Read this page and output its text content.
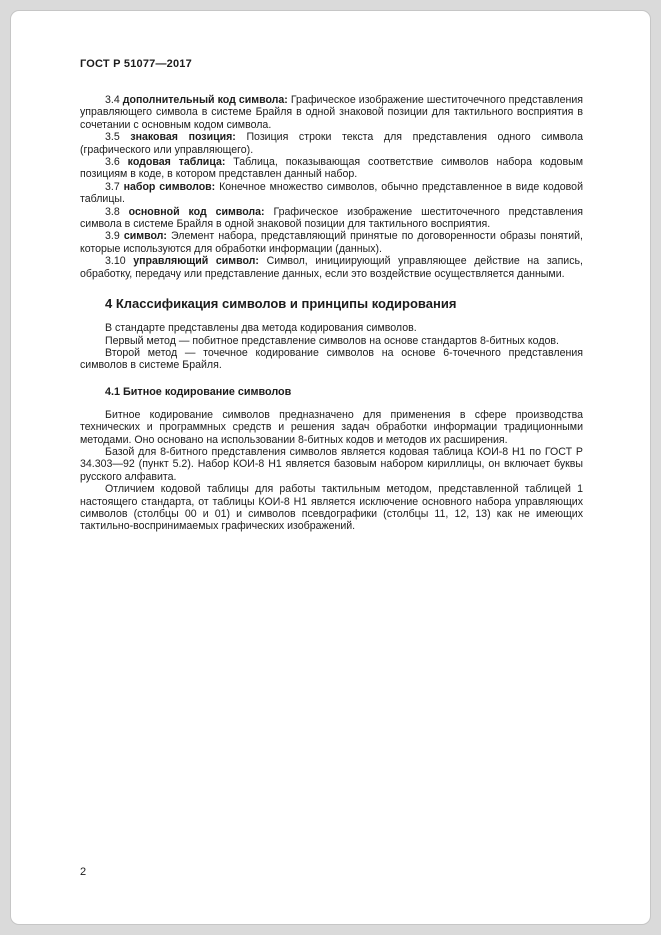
ГОСТ Р 51077—2017

3.4 дополнительный код символа: Графическое изображение шеститочечного представления управляющего символа в системе Брайля в одной знаковой позиции для тактильного восприятия в сочетании с основным кодом символа.

3.5 знаковая позиция: Позиция строки текста для представления одного символа (графического или управляющего).

3.6 кодовая таблица: Таблица, показывающая соответствие символов набора кодовым позициям в коде, в котором представлен данный набор.

3.7 набор символов: Конечное множество символов, обычно представленное в виде кодовой таблицы.

3.8 основной код символа: Графическое изображение шеститочечного представления символа в системе Брайля в одной знаковой позиции для тактильного восприятия.

3.9 символ: Элемент набора, представляющий принятые по договоренности образы понятий, которые используются для обработки информации (данных).

3.10 управляющий символ: Символ, инициирующий управляющее действие на запись, обработку, передачу или представление данных, если это воздействие осуществляется данными.

4 Классификация символов и принципы кодирования

В стандарте представлены два метода кодирования символов.

Первый метод — побитное представление символов на основе стандартов 8-битных кодов.

Второй метод — точечное кодирование символов на основе 6-точечного представления символов в системе Брайля.

4.1 Битное кодирование символов

Битное кодирование символов предназначено для применения в сфере производства технических и программных средств и решения задач обработки информации традиционными методами. Оно основано на использовании 8-битных кодов и методов их расширения.

Базой для 8-битного представления символов является кодовая таблица КОИ-8 Н1 по ГОСТ Р 34.303—92 (пункт 5.2). Набор КОИ-8 Н1 является базовым набором кириллицы, он включает буквы русского алфавита.

Отличием кодовой таблицы для работы тактильным методом, представленной таблицей 1 настоящего стандарта, от таблицы КОИ-8 Н1 является исключение основного набора управляющих символов (столбцы 00 и 01) и символов псевдографики (столбцы 11, 12, 13) как не имеющих тактильно-воспринимаемых графических изображений.

2
